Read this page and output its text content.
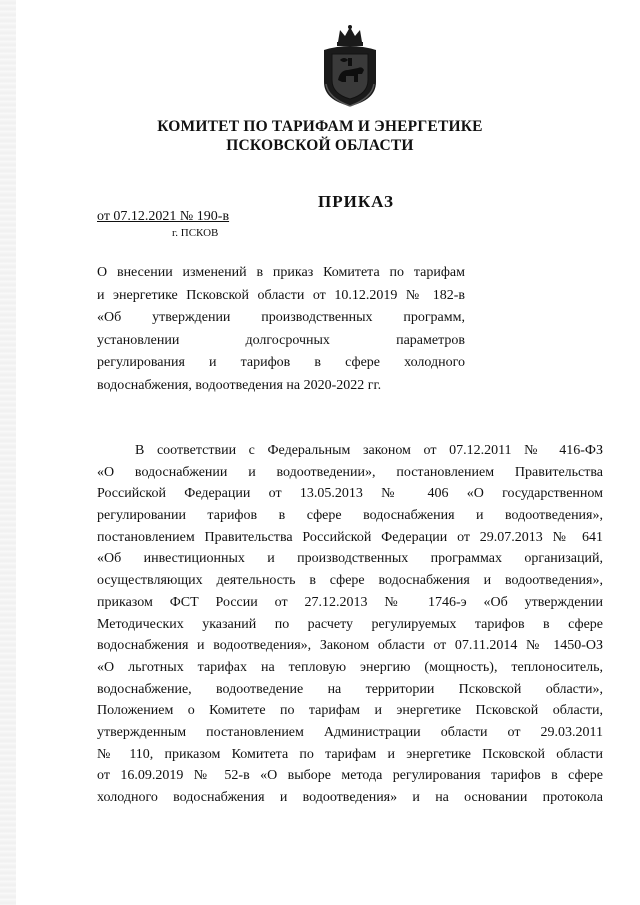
КОМИТЕТ ПО ТАРИФАМ И ЭНЕРГЕТИКЕ
ПСКОВСКОЙ ОБЛАСТИ
ПРИКАЗ
от 07.12.2021 № 190-в
г. ПСКОВ
О внесении изменений в приказ Комитета по тарифам
и энергетике Псковской области от 10.12.2019 № 182-в
«Об утверждении производственных программ,
установлении долгосрочных параметров
регулирования и тарифов в сфере холодного
водоснабжения, водоотведения на 2020-2022 гг.
В соответствии с Федеральным законом от 07.12.2011 № 416-ФЗ
«О водоснабжении и водоотведении», постановлением Правительства
Российской Федерации от 13.05.2013 № 406 «О государственном
регулировании тарифов в сфере водоснабжения и водоотведения»,
постановлением Правительства Российской Федерации от 29.07.2013 № 641
«Об инвестиционных и производственных программах организаций,
осуществляющих деятельность в сфере водоснабжения и водоотведения»,
приказом ФСТ России от 27.12.2013 № 1746-э «Об утверждении
Методических указаний по расчету регулируемых тарифов в сфере
водоснабжения и водоотведения», Законом области от 07.11.2014 № 1450-ОЗ
«О льготных тарифах на тепловую энергию (мощность), теплоноситель,
водоснабжение, водоотведение на территории Псковской области»,
Положением о Комитете по тарифам и энергетике Псковской области,
утвержденным постановлением Администрации области от 29.03.2011
№ 110, приказом Комитета по тарифам и энергетике Псковской области
от 16.09.2019 № 52-в «О выборе метода регулирования тарифов в сфере
холодного водоснабжения и водоотведения» и на основании протокола
